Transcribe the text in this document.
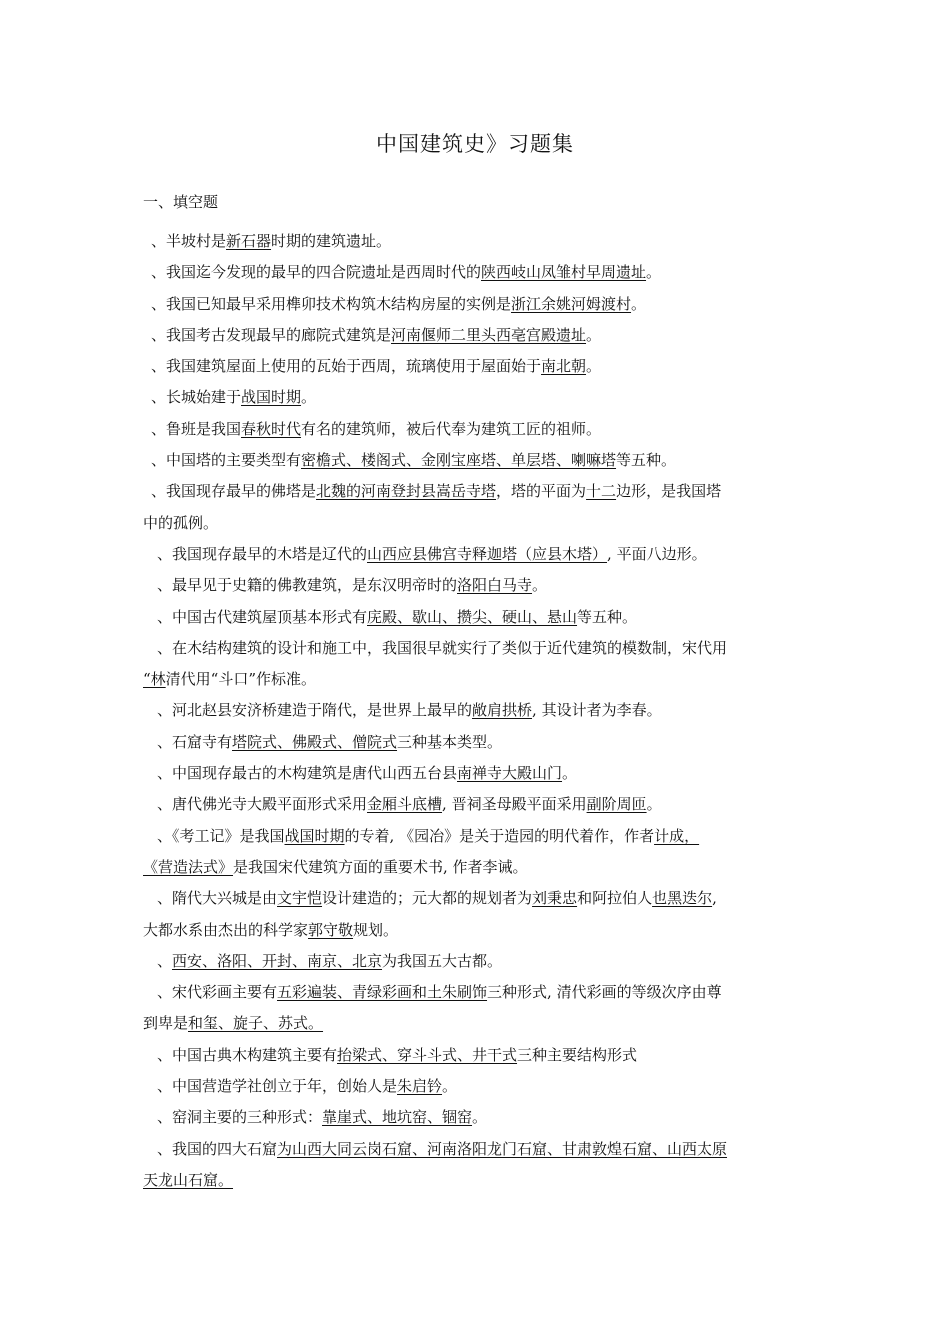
中国建筑史》习题集

一、填空题

、半坡村是新石器时期的建筑遗址。

、我国迄今发现的最早的四合院遗址是西周时代的陕西岐山凤雏村早周遗址。

、我国已知最早采用榫卯技术构筑木结构房屋的实例是浙江余姚河姆渡村。

、我国考古发现最早的廊院式建筑是河南偃师二里头西亳宫殿遗址。

、我国建筑屋面上使用的瓦始于西周，琉璃使用于屋面始于南北朝。

、长城始建于战国时期。

、鲁班是我国春秋时代有名的建筑师，被后代奉为建筑工匠的祖师。

、中国塔的主要类型有密檐式、楼阁式、金刚宝座塔、单层塔、喇嘛塔等五种。

、我国现存最早的佛塔是北魏的河南登封县嵩岳寺塔，塔的平面为十二边形，是我国塔

中的孤例。

、我国现存最早的木塔是辽代的山西应县佛宫寺释迦塔（应县木塔）, 平面八边形。

、最早见于史籍的佛教建筑，是东汉明帝时的洛阳白马寺。

、中国古代建筑屋顶基本形式有庑殿、歇山、攒尖、硬山、悬山等五种。

、在木结构建筑的设计和施工中，我国很早就实行了类似于近代建筑的模数制，宋代用

“林清代用“斗口”作标准。

、河北赵县安济桥建造于隋代，是世界上最早的敞肩拱桥, 其设计者为李春。

、石窟寺有塔院式、佛殿式、僧院式三种基本类型。

、中国现存最古的木构建筑是唐代山西五台县南禅寺大殿山门。

、唐代佛光寺大殿平面形式采用金厢斗底槽, 晋祠圣母殿平面采用副阶周匝。

、《考工记》是我国战国时期的专着, 《园冶》是关于造园的明代着作，作者计成，

《营造法式》是我国宋代建筑方面的重要术书, 作者李诫。

、隋代大兴城是由文宇恺设计建造的；元大都的规划者为刘秉忠和阿拉伯人也黑迭尔,

大都水系由杰出的科学家郭守敬规划。

、西安、洛阳、开封、南京、北京为我国五大古都。

、宋代彩画主要有五彩遍装、青绿彩画和土朱刷饰三种形式, 清代彩画的等级次序由尊

到卑是和玺、旋子、苏式。

、中国古典木构建筑主要有抬梁式、穿斗斗式、井干式三种主要结构形式

、中国营造学社创立于年，创始人是朱启钤。

、窑洞主要的三种形式：靠崖式、地坑窑、锢窑。

、我国的四大石窟为山西大同云岗石窟、河南洛阳龙门石窟、甘肃敦煌石窟、山西太原

天龙山石窟。
